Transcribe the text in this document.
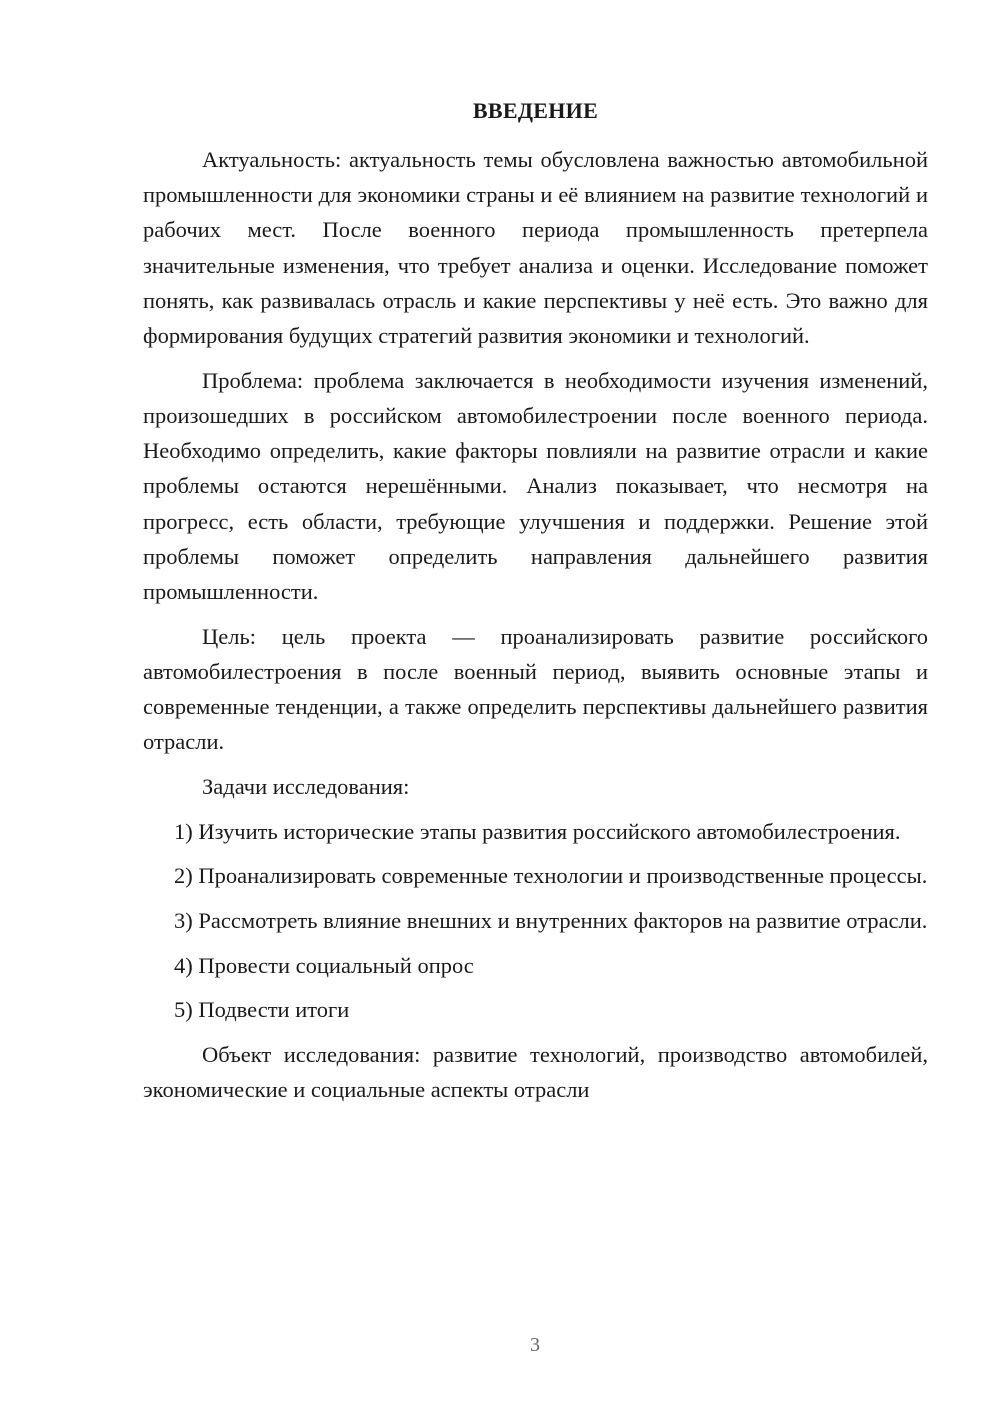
ВВЕДЕНИЕ

Актуальность: актуальность темы обусловлена важностью автомобильной промышленности для экономики страны и её влиянием на развитие технологий и рабочих мест. После военного периода промышленность претерпела значительные изменения, что требует анализа и оценки. Исследование поможет понять, как развивалась отрасль и какие перспективы у неё есть. Это важно для формирования будущих стратегий развития экономики и технологий.

Проблема: проблема заключается в необходимости изучения изменений, произошедших в российском автомобилестроении после военного периода. Необходимо определить, какие факторы повлияли на развитие отрасли и какие проблемы остаются нерешёнными. Анализ показывает, что несмотря на прогресс, есть области, требующие улучшения и поддержки. Решение этой проблемы поможет определить направления дальнейшего развития промышленности.

Цель: цель проекта — проанализировать развитие российского автомобилестроения в после военный период, выявить основные этапы и современные тенденции, а также определить перспективы дальнейшего развития отрасли.

Задачи исследования:

1) Изучить исторические этапы развития российского автомобилестроения.

2) Проанализировать современные технологии и производственные процессы.

3) Рассмотреть влияние внешних и внутренних факторов на развитие отрасли.

4) Провести социальный опрос

5) Подвести итоги

Объект исследования: развитие технологий, производство автомобилей, экономические и социальные аспекты отрасли

3
